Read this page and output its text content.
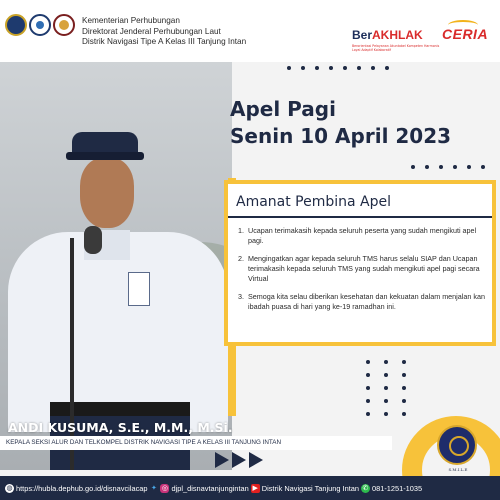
Kementerian Perhubungan
Direktorat Jenderal Perhubungan Laut
Distrik Navigasi Tipe A Kelas III Tanjung Intan	BerAKHLAK
Berorientasi Pelayanan Akuntabel Kompeten Harmonis Loyal Adaptif Kolaboratif
CERIA
Apel Pagi
Senin 10 April 2023
Amanat Pembina Apel
1. Ucapan terimakasih kepada seluruh peserta yang sudah mengikuti apel pagi.
2. Mengingatkan agar kepada seluruh TMS harus selalu SIAP dan Ucapan terimakasih kepada seluruh TMS yang sudah mengikuti apel pagi secara Virtual
3. Semoga kita selau diberikan kesehatan dan kekuatan dalam menjalan kan ibadah puasa di hari yang ke-19 ramadhan ini.
ANDI KUSUMA, S.E., M.M., M.Si.
KEPALA SEKSI ALUR DAN TELKOMPEL DISTRIK NAVIGASI TIPE A KELAS III TANJUNG INTAN
S.M.I.L.E
◍ https://hubla.dephub.go.id/disnavcilacap ✦ ◎ djpl_disnavtanjungintan ▶ Distrik Navigasi Tanjung Intan ✆ 081-1251-1035
